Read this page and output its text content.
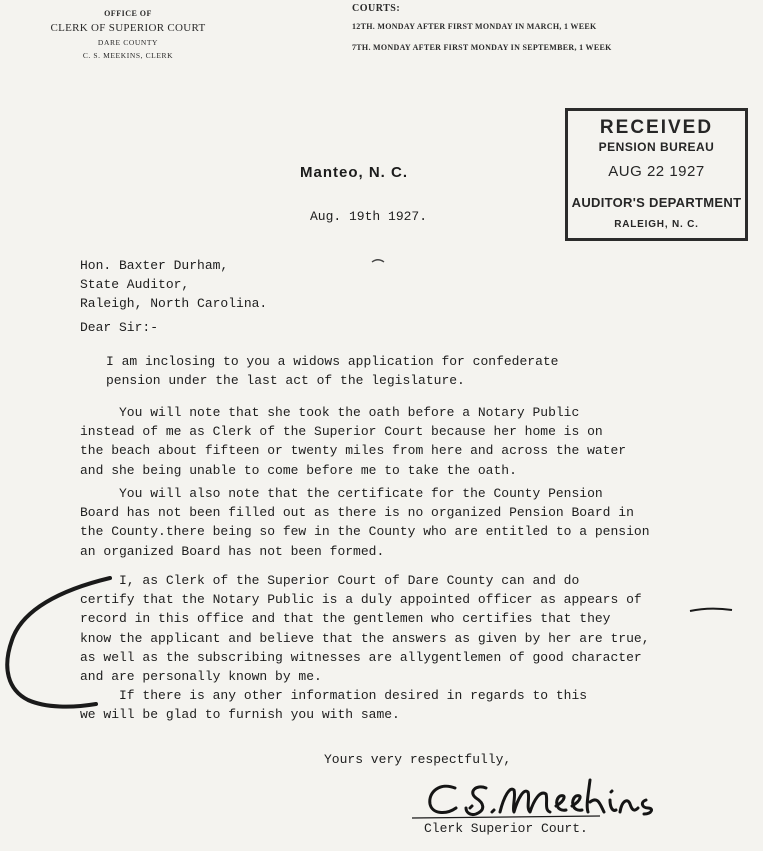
OFFICE OF
CLERK OF SUPERIOR COURT
DARE COUNTY
C. S. MEEKINS, CLERK
COURTS:
12TH. MONDAY AFTER FIRST MONDAY IN MARCH, 1 WEEK
7TH. MONDAY AFTER FIRST MONDAY IN SEPTEMBER, 1 WEEK
RECEIVED
PENSION BUREAU
AUG 22 1927
AUDITOR'S DEPARTMENT
RALEIGH, N. C.
Manteo, N. C.
Aug. 19th 1927.
Hon. Baxter Durham,
State Auditor,
Raleigh, North Carolina.
Dear Sir:-
I am inclosing to you a widows application for confederate
pension under the last act of the legislature.
You will note that she took the oath before a Notary Public
instead of me as Clerk of the Superior Court because her home is on
the beach about fifteen or twenty miles from here and across the water
and she being unable to come before me to take the oath.
You will also note that the certificate for the County Pension
Board has not been filled out as there is no organized Pension Board in
the County.there being so few in the County who are entitled to a pension
an organized Board has not been formed.
I, as Clerk of the Superior Court of Dare County can and do
certify that the Notary Public is a duly appointed officer as appears of
record in this office and that the gentlemen who certifies that they
know the applicant and believe that the answers as given by her are true,
as well as the subscribing witnesses are allygentlemen of good character
and are personally known by me.
If there is any other information desired in regards to this
we will be glad to furnish you with same.
Yours very respectfully,
Clerk Superior Court.
